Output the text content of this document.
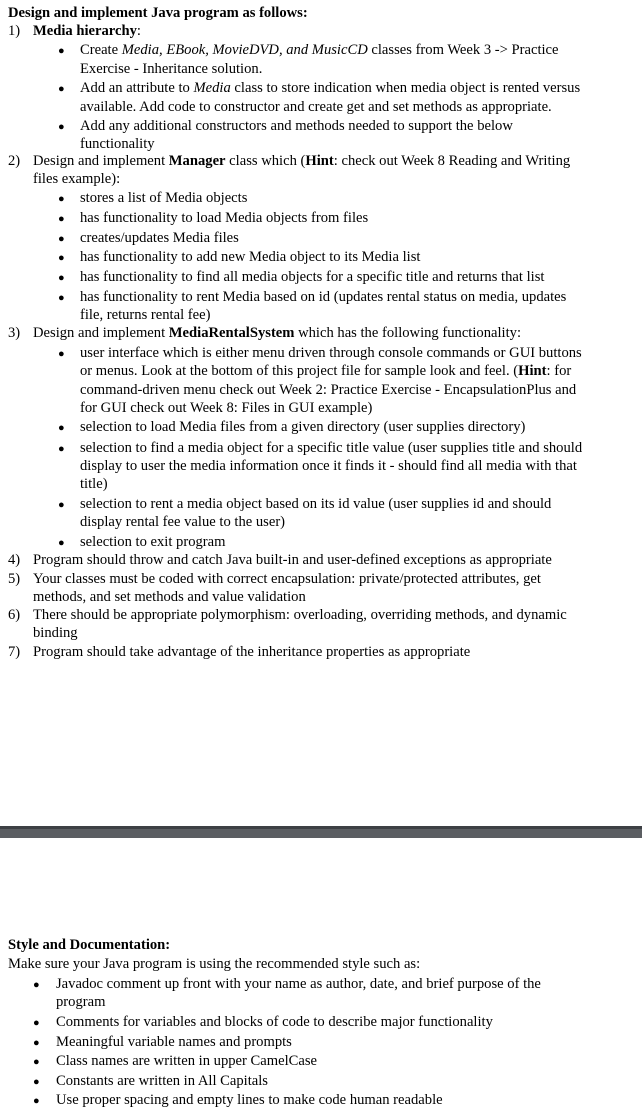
Design and implement Java program as follows:
1) Media hierarchy:
● Create Media, EBook, MovieDVD, and MusicCD classes from Week 3 -> Practice
Exercise - Inheritance solution.
● Add an attribute to Media class to store indication when media object is rented versus
available. Add code to constructor and create get and set methods as appropriate.
● Add any additional constructors and methods needed to support the below
functionality
2) Design and implement Manager class which (Hint: check out Week 8 Reading and Writing
files example):
● stores a list of Media objects
● has functionality to load Media objects from files
● creates/updates Media files
● has functionality to add new Media object to its Media list
● has functionality to find all media objects for a specific title and returns that list
● has functionality to rent Media based on id (updates rental status on media, updates
file, returns rental fee)
3) Design and implement MediaRentalSystem which has the following functionality:
● user interface which is either menu driven through console commands or GUI buttons
or menus. Look at the bottom of this project file for sample look and feel. (Hint: for
command-driven menu check out Week 2: Practice Exercise - EncapsulationPlus and
for GUI check out Week 8: Files in GUI example)
● selection to load Media files from a given directory (user supplies directory)
● selection to find a media object for a specific title value (user supplies title and should
display to user the media information once it finds it - should find all media with that
title)
● selection to rent a media object based on its id value (user supplies id and should
display rental fee value to the user)
● selection to exit program
4) Program should throw and catch Java built-in and user-defined exceptions as appropriate
5) Your classes must be coded with correct encapsulation: private/protected attributes, get
methods, and set methods and value validation
6) There should be appropriate polymorphism: overloading, overriding methods, and dynamic
binding
7) Program should take advantage of the inheritance properties as appropriate
Style and Documentation:
Make sure your Java program is using the recommended style such as:
● Javadoc comment up front with your name as author, date, and brief purpose of the
program
● Comments for variables and blocks of code to describe major functionality
● Meaningful variable names and prompts
● Class names are written in upper CamelCase
● Constants are written in All Capitals
● Use proper spacing and empty lines to make code human readable
